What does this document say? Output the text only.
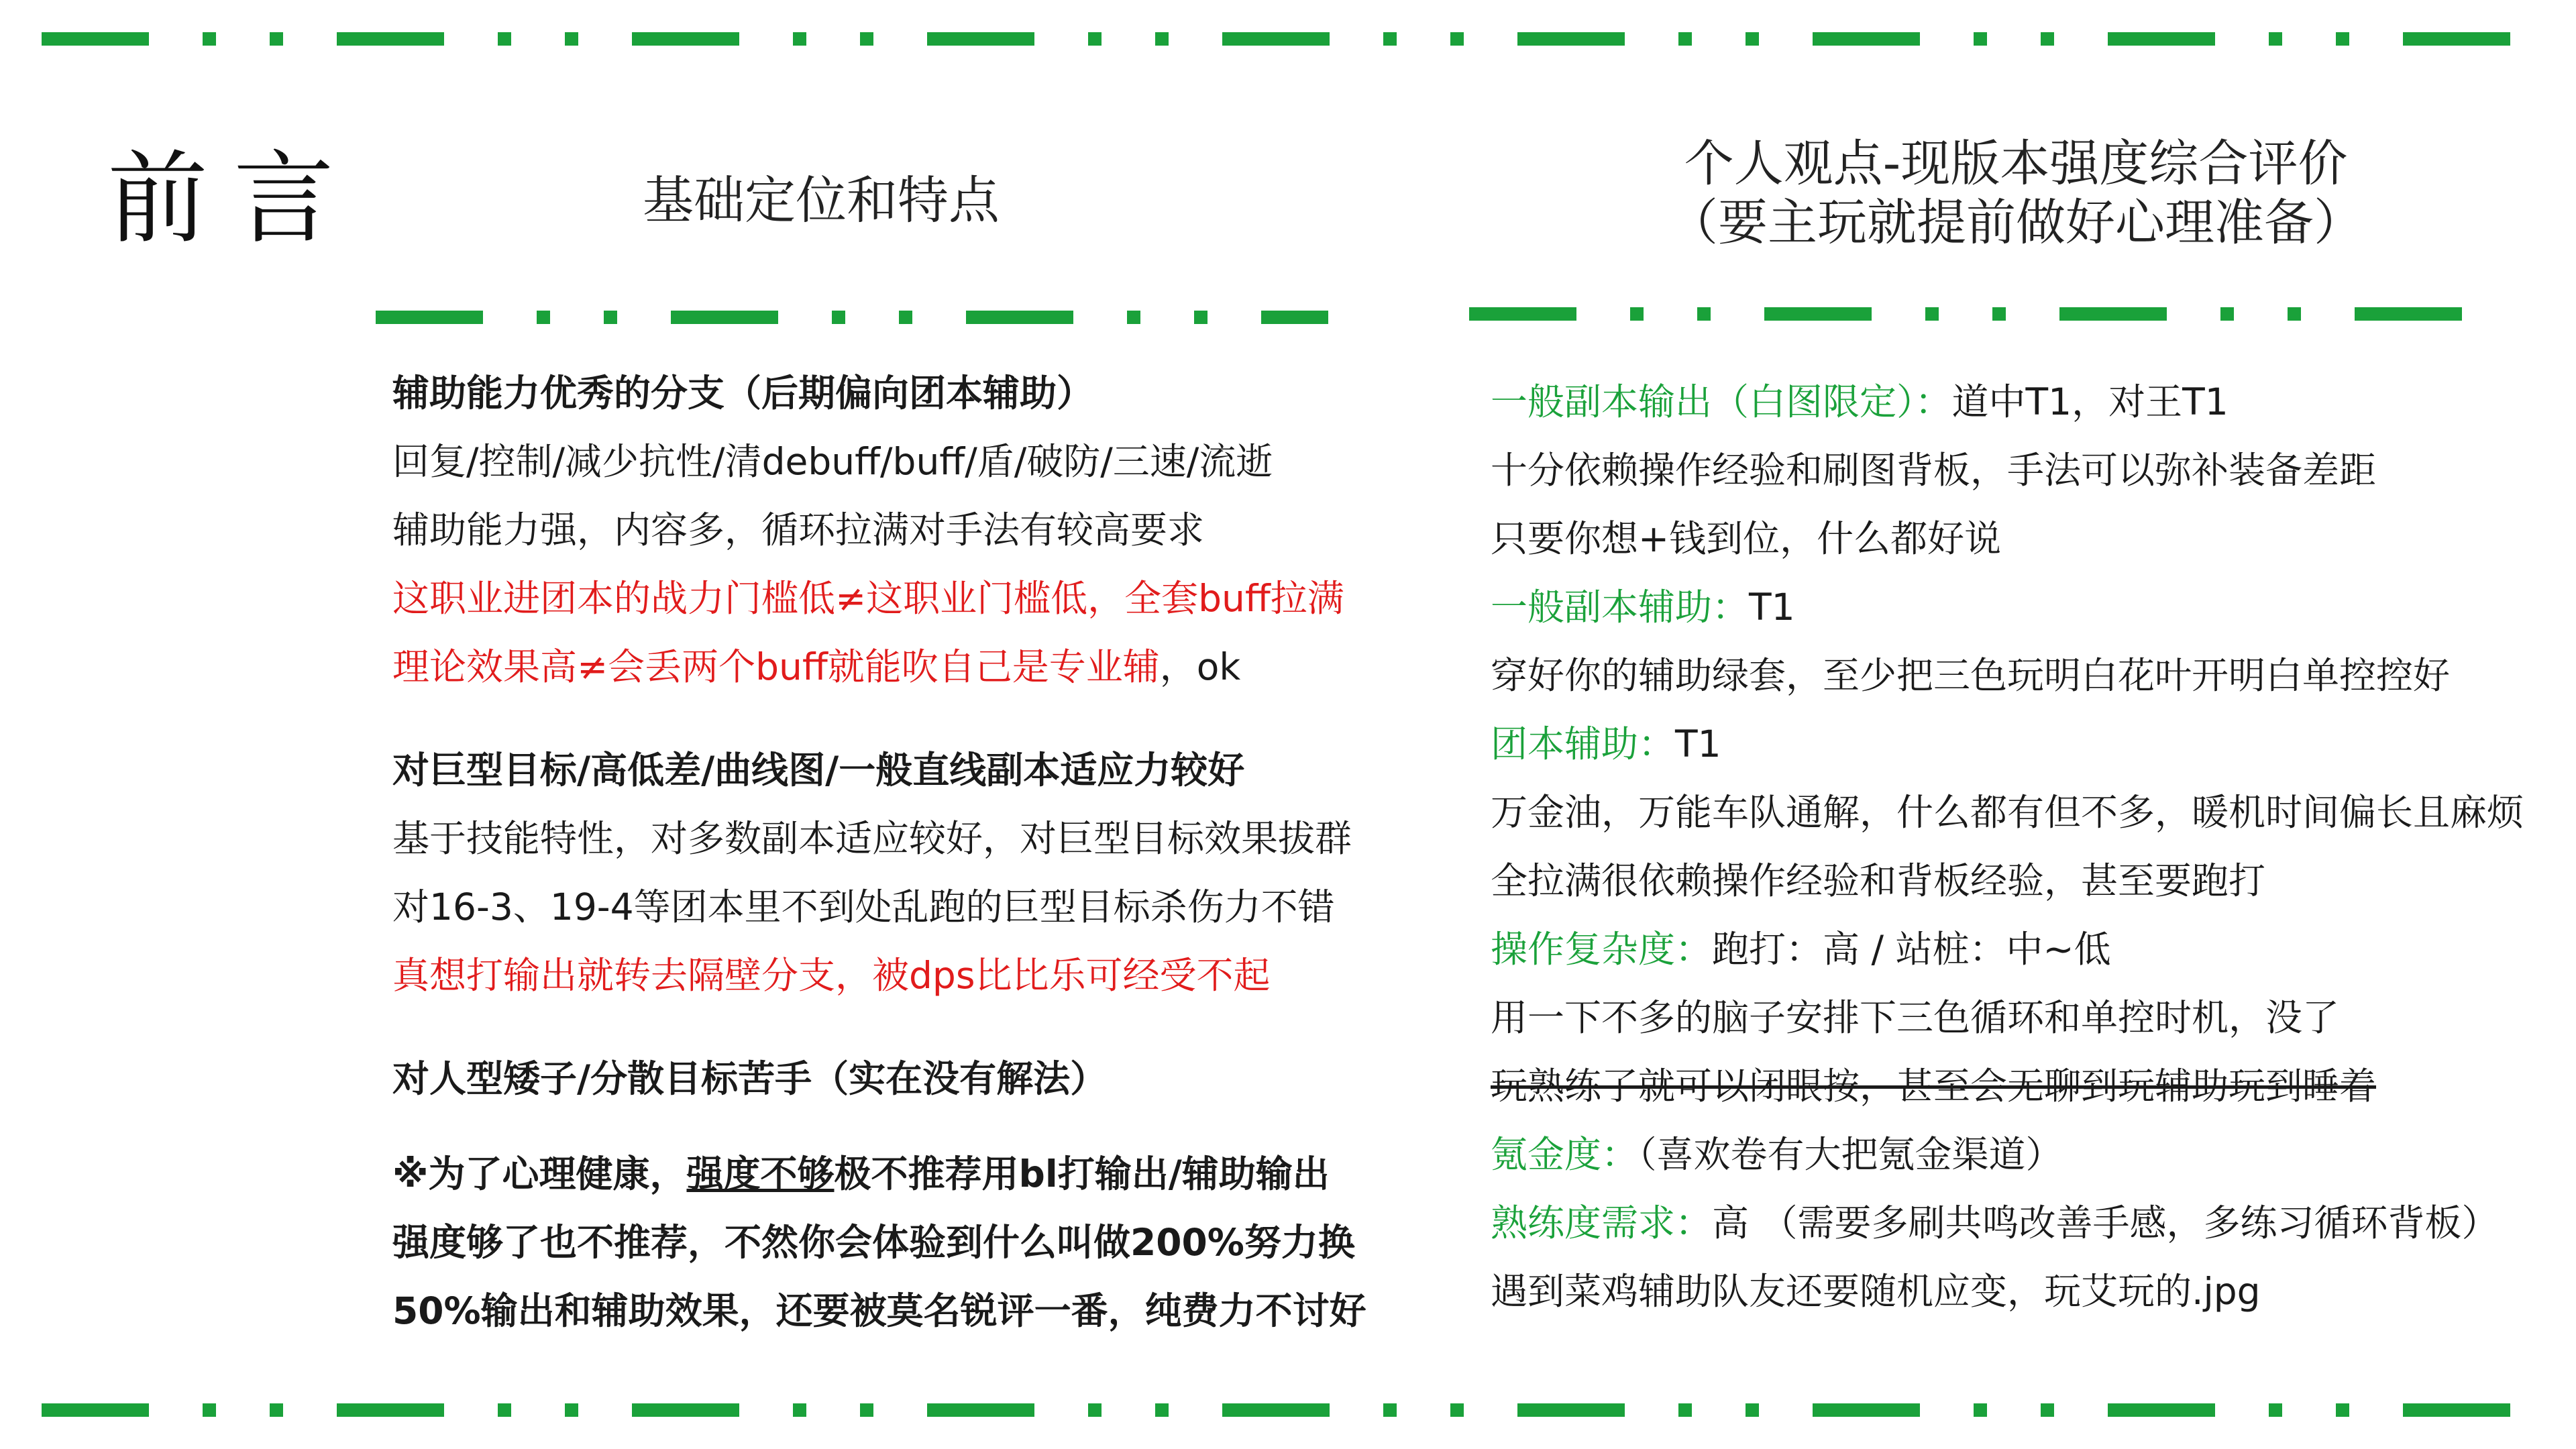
前言	基础定位和特点
个人观点-现版本强度综合评价
（要主玩就提前做好心理准备）
辅助能力优秀的分支（后期偏向团本辅助）
回复/控制/减少抗性/清debuff/buff/盾/破防/三速/流逝
辅助能力强，内容多，循环拉满对手法有较高要求
这职业进团本的战力门槛低≠这职业门槛低，全套buff拉满
理论效果高≠会丢两个buff就能吹自己是专业辅，ok
对巨型目标/高低差/曲线图/一般直线副本适应力较好
基于技能特性，对多数副本适应较好，对巨型目标效果拔群
对16-3、19-4等团本里不到处乱跑的巨型目标杀伤力不错
真想打输出就转去隔壁分支，被dps比比乐可经受不起
对人型矮子/分散目标苦手（实在没有解法）
※为了心理健康，强度不够极不推荐用bl打输出/辅助输出
强度够了也不推荐，不然你会体验到什么叫做200%努力换
50%输出和辅助效果，还要被莫名锐评一番，纯费力不讨好
一般副本输出（白图限定）：道中T1，对王T1
十分依赖操作经验和刷图背板，手法可以弥补装备差距
只要你想+钱到位，什么都好说
一般副本辅助：T1
穿好你的辅助绿套，至少把三色玩明白花叶开明白单控控好
团本辅助：T1
万金油，万能车队通解，什么都有但不多，暖机时间偏长且麻烦
全拉满很依赖操作经验和背板经验，甚至要跑打
操作复杂度：跑打：高 / 站桩：中~低
用一下不多的脑子安排下三色循环和单控时机，没了
玩熟练了就可以闭眼按，甚至会无聊到玩辅助玩到睡着
氪金度：（喜欢卷有大把氪金渠道）
熟练度需求：高 （需要多刷共鸣改善手感，多练习循环背板）
遇到菜鸡辅助队友还要随机应变，玩艾玩的.jpg
